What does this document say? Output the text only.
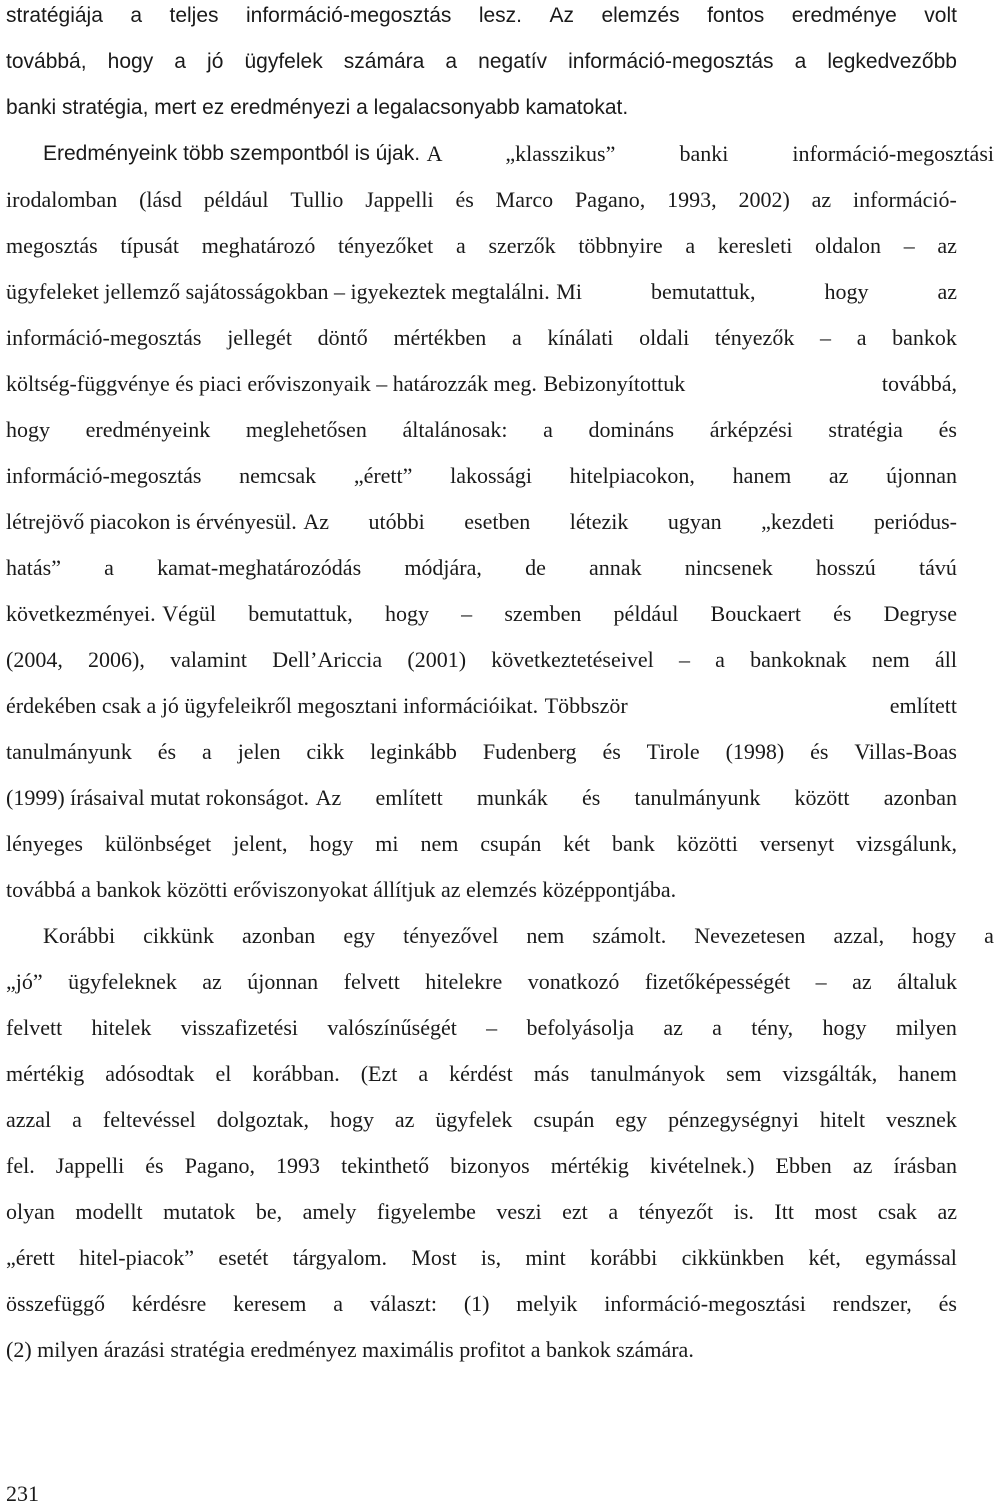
stratégiája a teljes információ-megosztás lesz. Az elemzés fontos eredménye volt
továbbá, hogy a jó ügyfelek számára a negatív információ-megosztás a legkedvezőbb
banki stratégia, mert ez eredményezi a legalacsonyabb kamatokat.
Eredményeink több szempontból is újak. A „klasszikus” banki információ-megosztási
irodalomban (lásd például Tullio Jappelli és Marco Pagano, 1993, 2002) az információ-
megosztás típusát meghatározó tényezőket a szerzők többnyire a keresleti oldalon – az
ügyfeleket jellemző sajátosságokban – igyekeztek megtalálni. Mi bemutattuk, hogy az
információ-megosztás jellegét döntő mértékben a kínálati oldali tényezők – a bankok
költség-függvénye és piaci erőviszonyaik – határozzák meg. Bebizonyítottuk továbbá,
hogy eredményeink meglehetősen általánosak: a domináns árképzési stratégia és
információ-megosztás nemcsak „érett” lakossági hitelpiacokon, hanem az újonnan
létrejövő piacokon is érvényesül. Az utóbbi esetben létezik ugyan „kezdeti periódus-
hatás” a kamat-meghatározódás módjára, de annak nincsenek hosszú távú
következményei. Végül bemutattuk, hogy – szemben például Bouckaert és Degryse
(2004, 2006), valamint Dell’Ariccia (2001) következtetéseivel – a bankoknak nem áll
érdekében csak a jó ügyfeleikről megosztani információikat. Többször említett
tanulmányunk és a jelen cikk leginkább Fudenberg és Tirole (1998) és Villas-Boas
(1999) írásaival mutat rokonságot. Az említett munkák és tanulmányunk között azonban
lényeges különbséget jelent, hogy mi nem csupán két bank közötti versenyt vizsgálunk,
továbbá a bankok közötti erőviszonyokat állítjuk az elemzés középpontjába.
Korábbi cikkünk azonban egy tényezővel nem számolt. Nevezetesen azzal, hogy a
„jó” ügyfeleknek az újonnan felvett hitelekre vonatkozó fizetőképességét – az általuk
felvett hitelek visszafizetési valószínűségét – befolyásolja az a tény, hogy milyen
mértékig adósodtak el korábban. (Ezt a kérdést más tanulmányok sem vizsgálták, hanem
azzal a feltevéssel dolgoztak, hogy az ügyfelek csupán egy pénzegységnyi hitelt vesznek
fel. Jappelli és Pagano, 1993 tekinthető bizonyos mértékig kivételnek.) Ebben az írásban
olyan modellt mutatok be, amely figyelembe veszi ezt a tényezőt is. Itt most csak az
„érett hitel-piacok” esetét tárgyalom. Most is, mint korábbi cikkünkben két, egymással
összefüggő kérdésre keresem a választ: (1) melyik információ-megosztási rendszer, és
(2) milyen árazási stratégia eredményez maximális profitot a bankok számára.
231
